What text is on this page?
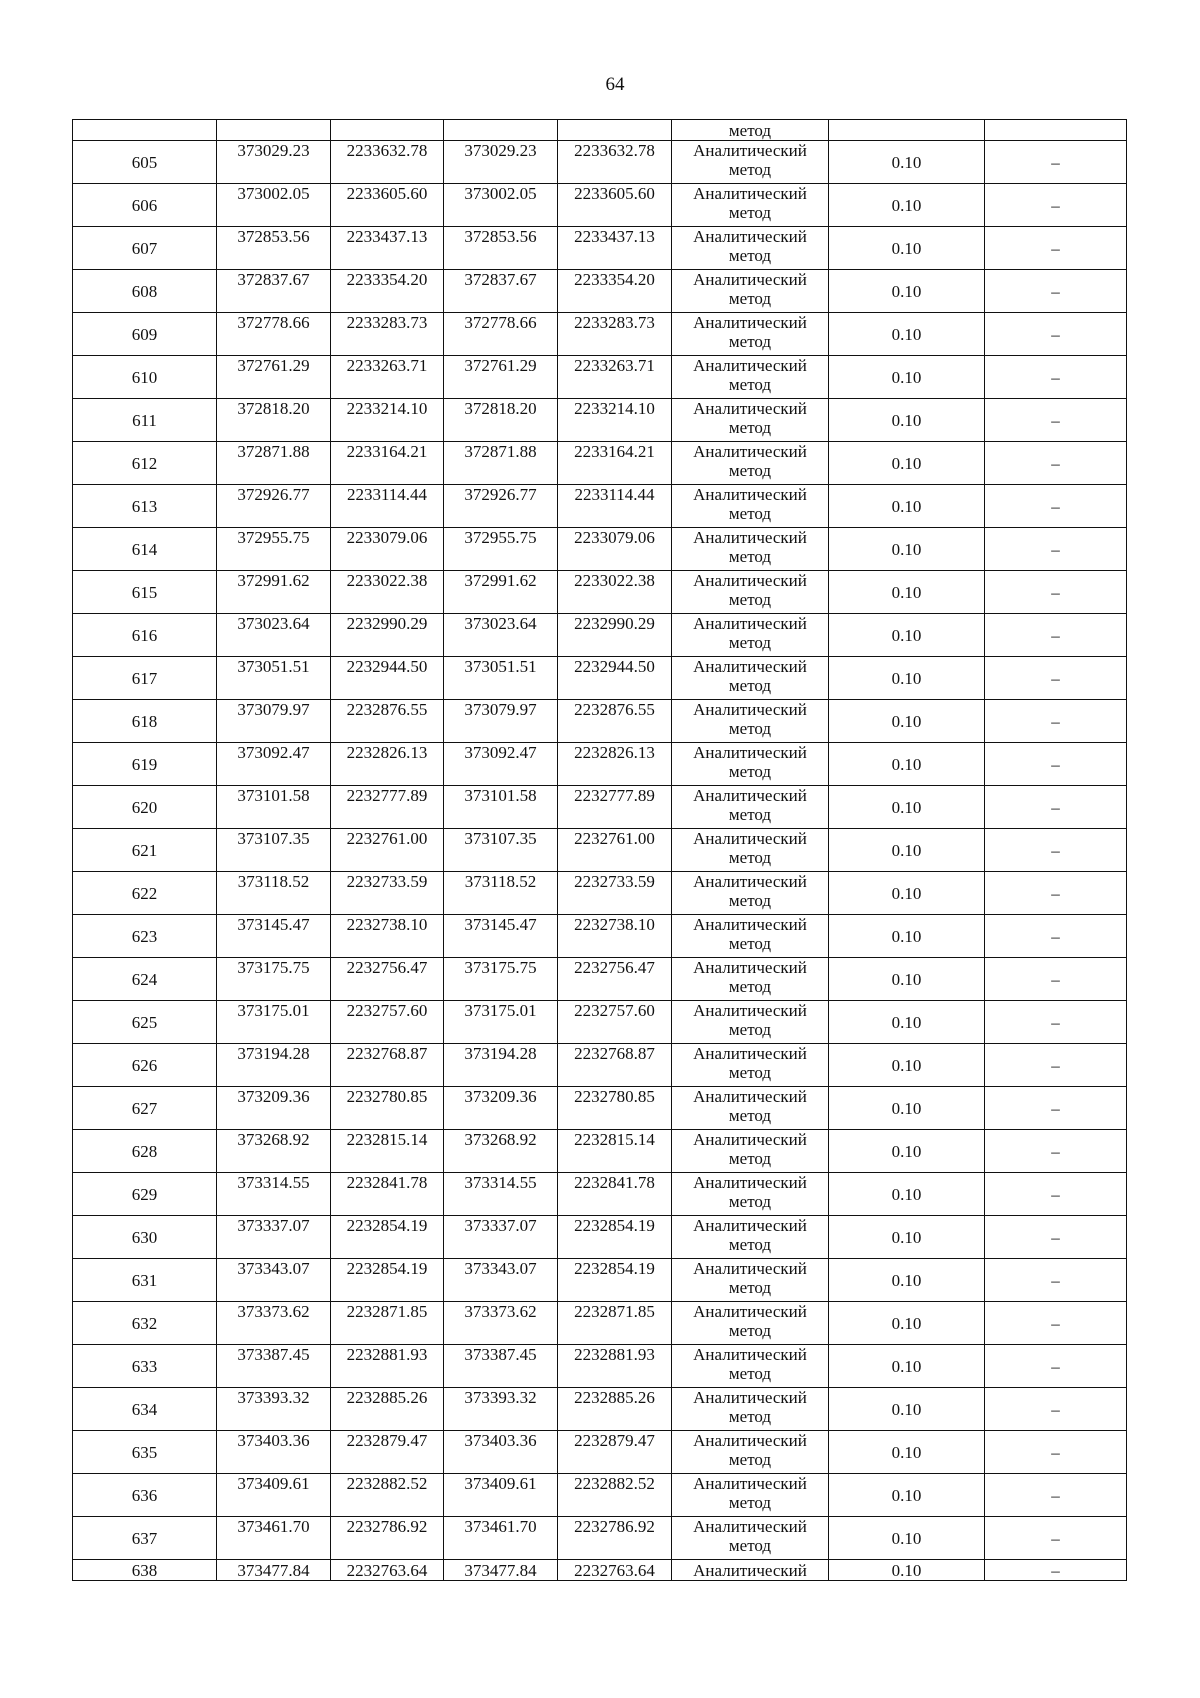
64
					метод		
605	373029.23	2233632.78	373029.23	2233632.78	Аналитический метод	0.10	–
606	373002.05	2233605.60	373002.05	2233605.60	Аналитический метод	0.10	–
607	372853.56	2233437.13	372853.56	2233437.13	Аналитический метод	0.10	–
608	372837.67	2233354.20	372837.67	2233354.20	Аналитический метод	0.10	–
609	372778.66	2233283.73	372778.66	2233283.73	Аналитический метод	0.10	–
610	372761.29	2233263.71	372761.29	2233263.71	Аналитический метод	0.10	–
611	372818.20	2233214.10	372818.20	2233214.10	Аналитический метод	0.10	–
612	372871.88	2233164.21	372871.88	2233164.21	Аналитический метод	0.10	–
613	372926.77	2233114.44	372926.77	2233114.44	Аналитический метод	0.10	–
614	372955.75	2233079.06	372955.75	2233079.06	Аналитический метод	0.10	–
615	372991.62	2233022.38	372991.62	2233022.38	Аналитический метод	0.10	–
616	373023.64	2232990.29	373023.64	2232990.29	Аналитический метод	0.10	–
617	373051.51	2232944.50	373051.51	2232944.50	Аналитический метод	0.10	–
618	373079.97	2232876.55	373079.97	2232876.55	Аналитический метод	0.10	–
619	373092.47	2232826.13	373092.47	2232826.13	Аналитический метод	0.10	–
620	373101.58	2232777.89	373101.58	2232777.89	Аналитический метод	0.10	–
621	373107.35	2232761.00	373107.35	2232761.00	Аналитический метод	0.10	–
622	373118.52	2232733.59	373118.52	2232733.59	Аналитический метод	0.10	–
623	373145.47	2232738.10	373145.47	2232738.10	Аналитический метод	0.10	–
624	373175.75	2232756.47	373175.75	2232756.47	Аналитический метод	0.10	–
625	373175.01	2232757.60	373175.01	2232757.60	Аналитический метод	0.10	–
626	373194.28	2232768.87	373194.28	2232768.87	Аналитический метод	0.10	–
627	373209.36	2232780.85	373209.36	2232780.85	Аналитический метод	0.10	–
628	373268.92	2232815.14	373268.92	2232815.14	Аналитический метод	0.10	–
629	373314.55	2232841.78	373314.55	2232841.78	Аналитический метод	0.10	–
630	373337.07	2232854.19	373337.07	2232854.19	Аналитический метод	0.10	–
631	373343.07	2232854.19	373343.07	2232854.19	Аналитический метод	0.10	–
632	373373.62	2232871.85	373373.62	2232871.85	Аналитический метод	0.10	–
633	373387.45	2232881.93	373387.45	2232881.93	Аналитический метод	0.10	–
634	373393.32	2232885.26	373393.32	2232885.26	Аналитический метод	0.10	–
635	373403.36	2232879.47	373403.36	2232879.47	Аналитический метод	0.10	–
636	373409.61	2232882.52	373409.61	2232882.52	Аналитический метод	0.10	–
637	373461.70	2232786.92	373461.70	2232786.92	Аналитический метод	0.10	–
638	373477.84	2232763.64	373477.84	2232763.64	Аналитический	0.10	–
